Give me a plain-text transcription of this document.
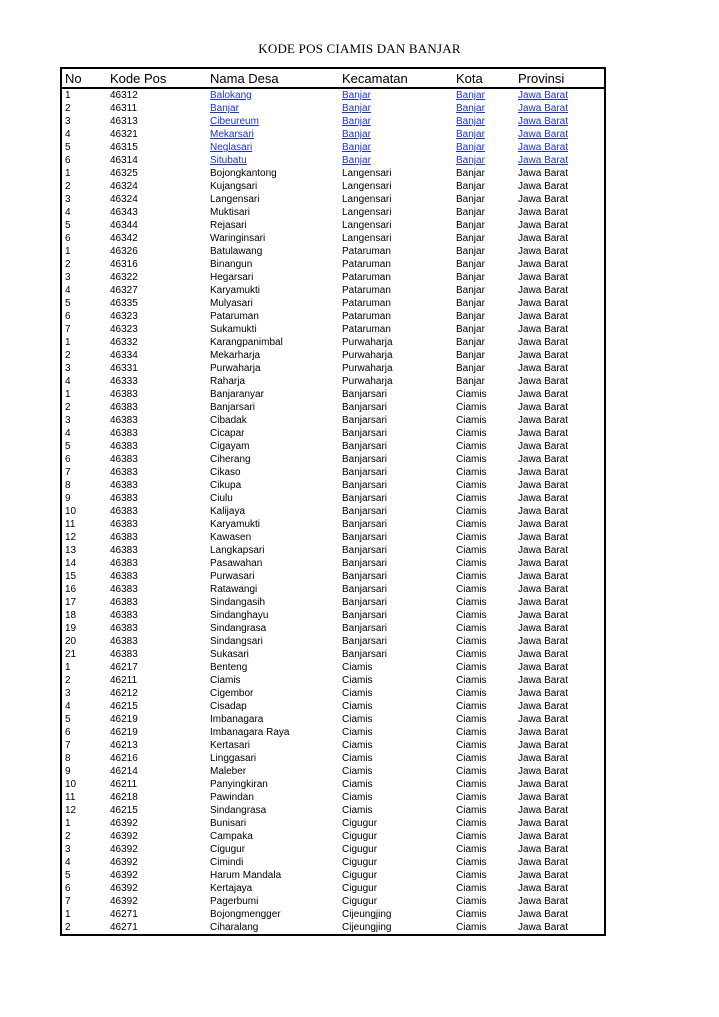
KODE POS CIAMIS DAN BANJAR
No	Kode Pos	Nama Desa	Kecamatan	Kota	Provinsi
1	46312	Balokang	Banjar	Banjar	Jawa Barat
2	46311	Banjar	Banjar	Banjar	Jawa Barat
3	46313	Cibeureum	Banjar	Banjar	Jawa Barat
4	46321	Mekarsari	Banjar	Banjar	Jawa Barat
5	46315	Neglasari	Banjar	Banjar	Jawa Barat
6	46314	Situbatu	Banjar	Banjar	Jawa Barat
1	46325	Bojongkantong	Langensari	Banjar	Jawa Barat
2	46324	Kujangsari	Langensari	Banjar	Jawa Barat
3	46324	Langensari	Langensari	Banjar	Jawa Barat
4	46343	Muktisari	Langensari	Banjar	Jawa Barat
5	46344	Rejasari	Langensari	Banjar	Jawa Barat
6	46342	Waringinsari	Langensari	Banjar	Jawa Barat
1	46326	Batulawang	Pataruman	Banjar	Jawa Barat
2	46316	Binangun	Pataruman	Banjar	Jawa Barat
3	46322	Hegarsari	Pataruman	Banjar	Jawa Barat
4	46327	Karyamukti	Pataruman	Banjar	Jawa Barat
5	46335	Mulyasari	Pataruman	Banjar	Jawa Barat
6	46323	Pataruman	Pataruman	Banjar	Jawa Barat
7	46323	Sukamukti	Pataruman	Banjar	Jawa Barat
1	46332	Karangpanimbal	Purwaharja	Banjar	Jawa Barat
2	46334	Mekarharja	Purwaharja	Banjar	Jawa Barat
3	46331	Purwaharja	Purwaharja	Banjar	Jawa Barat
4	46333	Raharja	Purwaharja	Banjar	Jawa Barat
1	46383	Banjaranyar	Banjarsari	Ciamis	Jawa Barat
2	46383	Banjarsari	Banjarsari	Ciamis	Jawa Barat
3	46383	Cibadak	Banjarsari	Ciamis	Jawa Barat
4	46383	Cicapar	Banjarsari	Ciamis	Jawa Barat
5	46383	Cigayam	Banjarsari	Ciamis	Jawa Barat
6	46383	Ciherang	Banjarsari	Ciamis	Jawa Barat
7	46383	Cikaso	Banjarsari	Ciamis	Jawa Barat
8	46383	Cikupa	Banjarsari	Ciamis	Jawa Barat
9	46383	Ciulu	Banjarsari	Ciamis	Jawa Barat
10	46383	Kalijaya	Banjarsari	Ciamis	Jawa Barat
11	46383	Karyamukti	Banjarsari	Ciamis	Jawa Barat
12	46383	Kawasen	Banjarsari	Ciamis	Jawa Barat
13	46383	Langkapsari	Banjarsari	Ciamis	Jawa Barat
14	46383	Pasawahan	Banjarsari	Ciamis	Jawa Barat
15	46383	Purwasari	Banjarsari	Ciamis	Jawa Barat
16	46383	Ratawangi	Banjarsari	Ciamis	Jawa Barat
17	46383	Sindangasih	Banjarsari	Ciamis	Jawa Barat
18	46383	Sindanghayu	Banjarsari	Ciamis	Jawa Barat
19	46383	Sindangrasa	Banjarsari	Ciamis	Jawa Barat
20	46383	Sindangsari	Banjarsari	Ciamis	Jawa Barat
21	46383	Sukasari	Banjarsari	Ciamis	Jawa Barat
1	46217	Benteng	Ciamis	Ciamis	Jawa Barat
2	46211	Ciamis	Ciamis	Ciamis	Jawa Barat
3	46212	Cigembor	Ciamis	Ciamis	Jawa Barat
4	46215	Cisadap	Ciamis	Ciamis	Jawa Barat
5	46219	Imbanagara	Ciamis	Ciamis	Jawa Barat
6	46219	Imbanagara Raya	Ciamis	Ciamis	Jawa Barat
7	46213	Kertasari	Ciamis	Ciamis	Jawa Barat
8	46216	Linggasari	Ciamis	Ciamis	Jawa Barat
9	46214	Maleber	Ciamis	Ciamis	Jawa Barat
10	46211	Panyingkiran	Ciamis	Ciamis	Jawa Barat
11	46218	Pawindan	Ciamis	Ciamis	Jawa Barat
12	46215	Sindangrasa	Ciamis	Ciamis	Jawa Barat
1	46392	Bunisari	Cigugur	Ciamis	Jawa Barat
2	46392	Campaka	Cigugur	Ciamis	Jawa Barat
3	46392	Cigugur	Cigugur	Ciamis	Jawa Barat
4	46392	Cimindi	Cigugur	Ciamis	Jawa Barat
5	46392	Harum Mandala	Cigugur	Ciamis	Jawa Barat
6	46392	Kertajaya	Cigugur	Ciamis	Jawa Barat
7	46392	Pagerbumi	Cigugur	Ciamis	Jawa Barat
1	46271	Bojongmengger	Cijeungjing	Ciamis	Jawa Barat
2	46271	Ciharalang	Cijeungjing	Ciamis	Jawa Barat
